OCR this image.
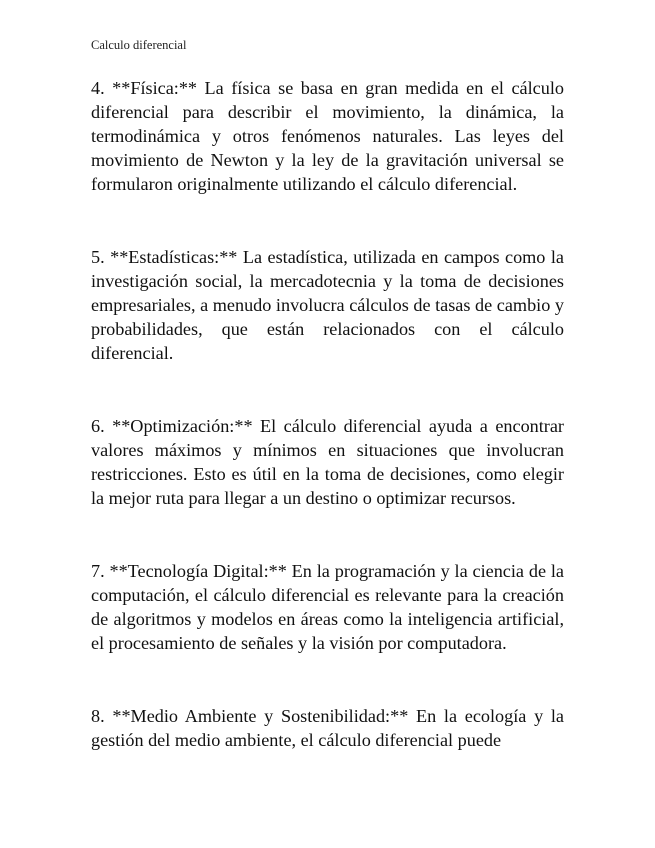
Calculo diferencial

4. **Física:** La física se basa en gran medida en el cálculo diferencial para describir el movimiento, la dinámica, la termodinámica y otros fenómenos naturales. Las leyes del movimiento de Newton y la ley de la gravitación universal se formularon originalmente utilizando el cálculo diferencial.

5. **Estadísticas:** La estadística, utilizada en campos como la investigación social, la mercadotecnia y la toma de decisiones empresariales, a menudo involucra cálculos de tasas de cambio y probabilidades, que están relacionados con el cálculo diferencial.

6. **Optimización:** El cálculo diferencial ayuda a encontrar valores máximos y mínimos en situaciones que involucran restricciones. Esto es útil en la toma de decisiones, como elegir la mejor ruta para llegar a un destino o optimizar recursos.

7. **Tecnología Digital:** En la programación y la ciencia de la computación, el cálculo diferencial es relevante para la creación de algoritmos y modelos en áreas como la inteligencia artificial, el procesamiento de señales y la visión por computadora.

8. **Medio Ambiente y Sostenibilidad:** En la ecología y la gestión del medio ambiente, el cálculo diferencial puede
